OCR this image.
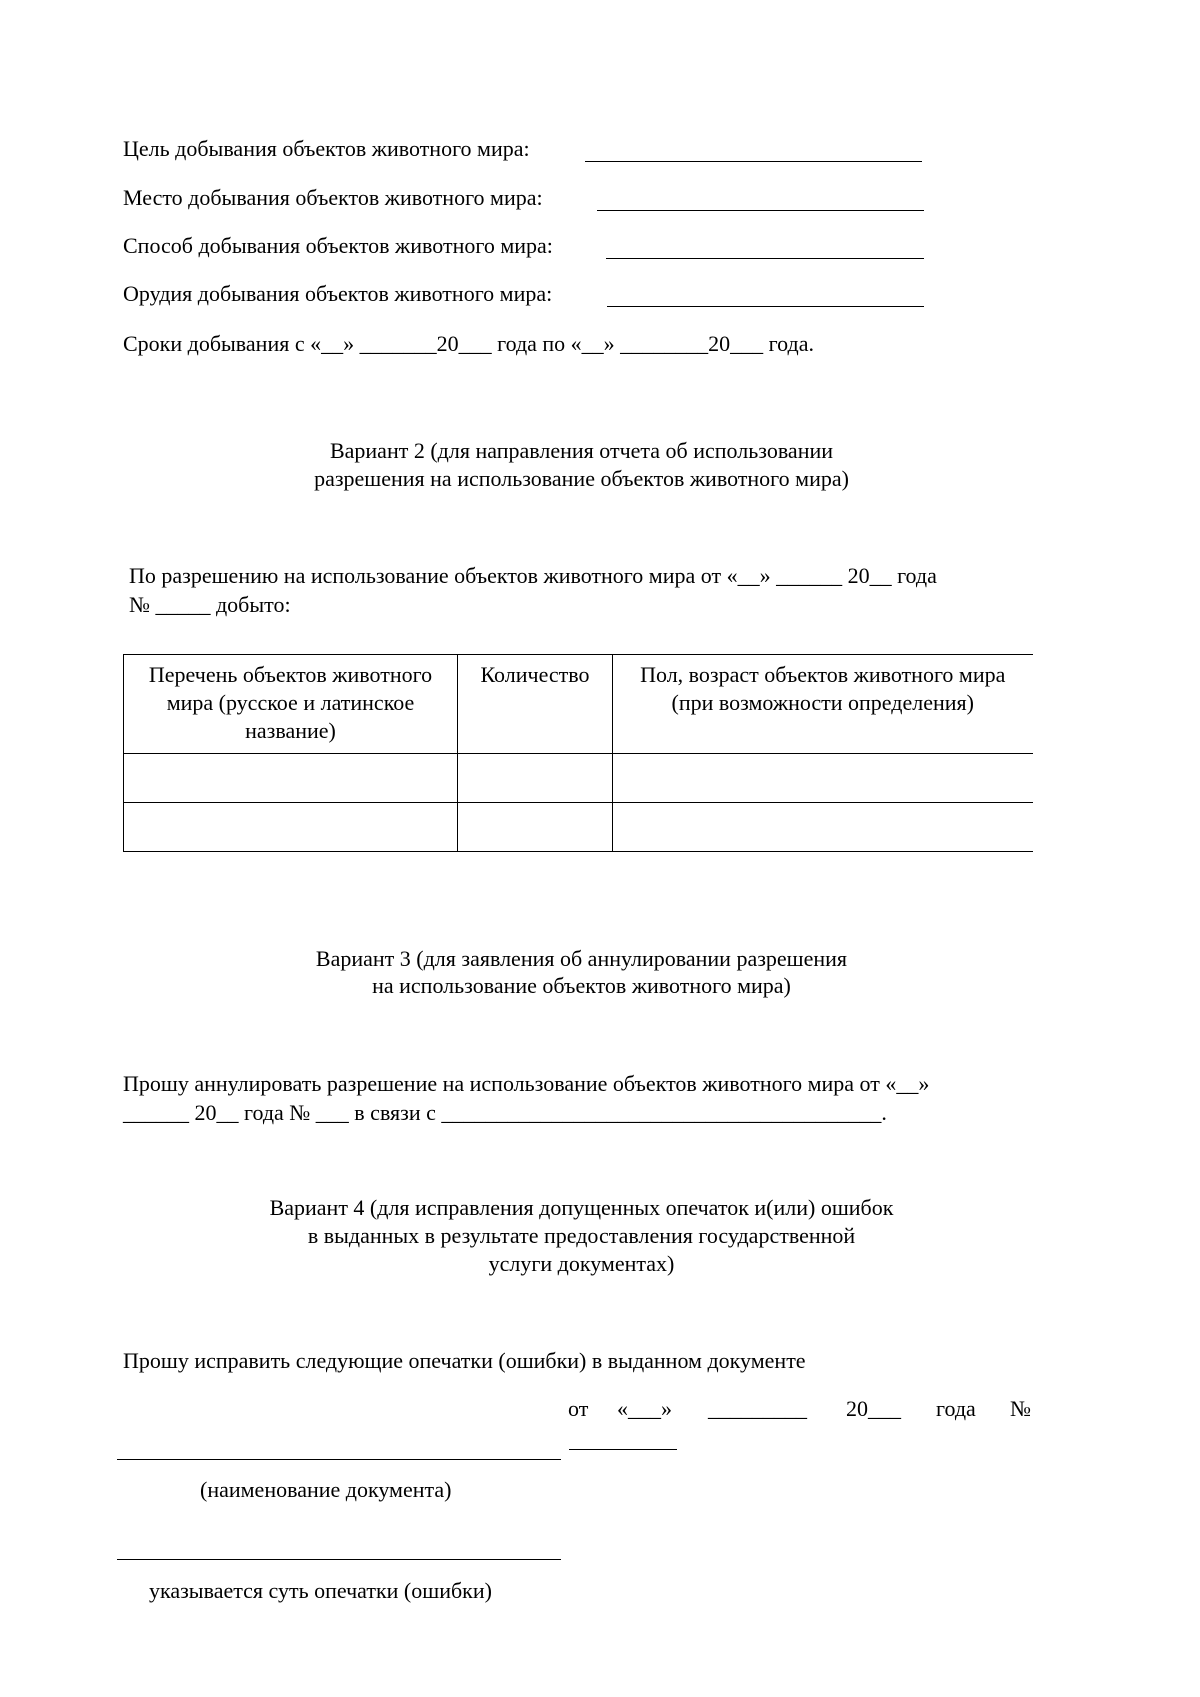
Цель добывания объектов животного мира:
Место добывания объектов животного мира:
Способ добывания объектов животного мира:
Орудия добывания объектов животного мира:
Сроки добывания с «__» _______20___ года по «__» ________20___ года.
Вариант 2 (для направления отчета об использовании
разрешения на использование объектов животного мира)
По разрешению на использование объектов животного мира от «__» ______ 20__ года
№ _____ добыто:
Перечень объектов животного мира (русское и латинское название)	Количество	Пол, возраст объектов животного мира (при возможности определения)

Вариант 3 (для заявления об аннулировании разрешения
на использование объектов животного мира)
Прошу аннулировать разрешение на использование объектов животного мира от «__»
______ 20__ года № ___ в связи с ________________________________________.
Вариант 4 (для исправления допущенных опечаток и(или) ошибок
в выданных в результате предоставления государственной
услуги документах)
Прошу исправить следующие опечатки (ошибки) в выданном документе
от «___» _________ 20___ года №
(наименование документа)
указывается суть опечатки (ошибки)
